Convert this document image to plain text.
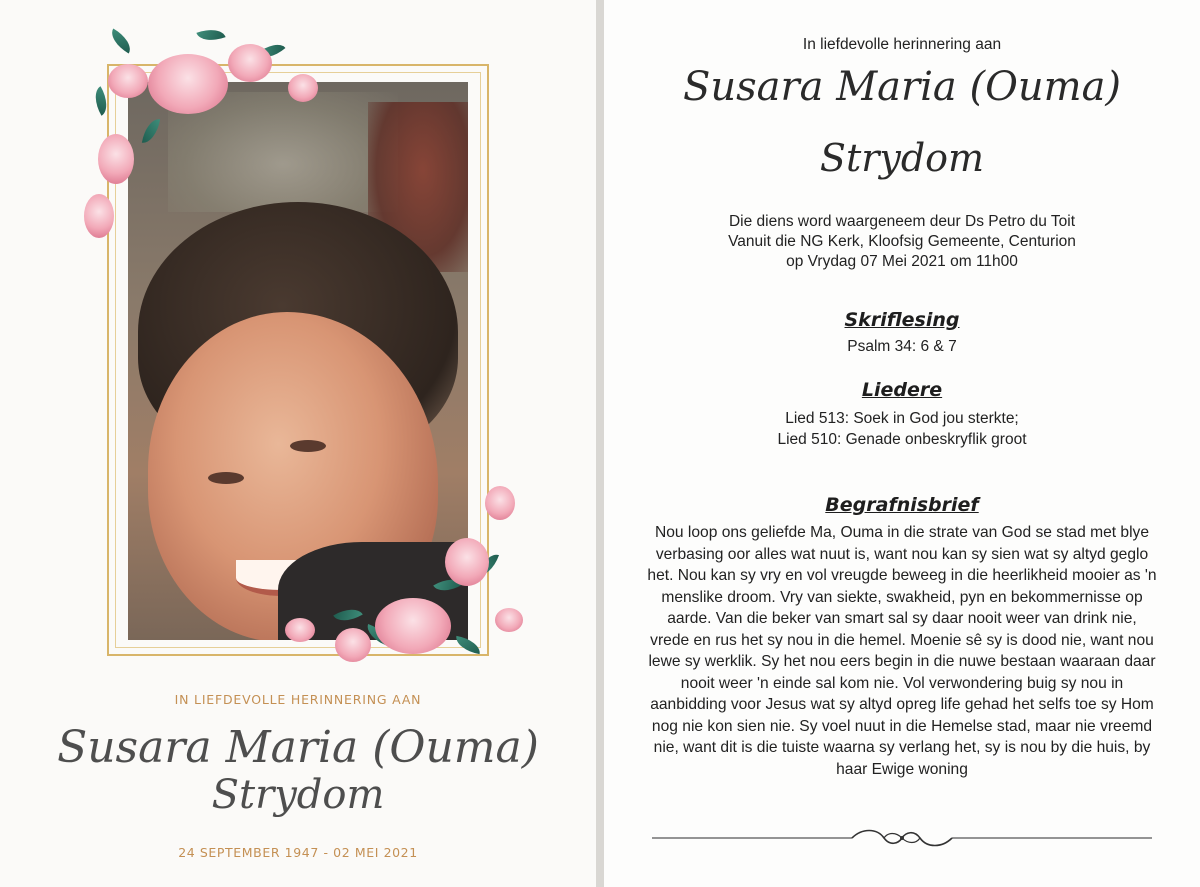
IN LIEFDEVOLLE HERINNERING AAN
Susara Maria (Ouma)
Strydom
24 SEPTEMBER 1947 - 02 MEI 2021
In liefdevolle herinnering aan
Susara Maria (Ouma)
Strydom
Die diens word waargeneem deur Ds Petro du Toit
Vanuit die NG Kerk, Kloofsig Gemeente, Centurion
op Vrydag 07 Mei 2021 om 11h00
Skriflesing
Psalm 34: 6 & 7
Liedere
Lied 513: Soek in God jou sterkte;
Lied 510: Genade onbeskryflik groot
Begrafnisbrief
Nou loop ons geliefde Ma, Ouma in die strate van God se stad met blye verbasing oor alles wat nuut is, want nou kan sy sien wat sy altyd geglo het. Nou kan sy vry en vol vreugde beweeg in die heerlikheid mooier as 'n menslike droom. Vry van siekte, swakheid, pyn en bekommernisse op aarde. Van die beker van smart sal sy daar nooit weer van drink nie, vrede en rus het sy nou in die hemel. Moenie sê sy is dood nie, want nou lewe sy werklik. Sy het nou eers begin in die nuwe bestaan waaraan daar nooit weer 'n einde sal kom nie. Vol verwondering buig sy nou in aanbidding voor Jesus wat sy altyd opreg life gehad het selfs toe sy Hom nog nie kon sien nie. Sy voel nuut in die Hemelse stad, maar nie vreemd nie, want dit is die tuiste waarna sy verlang het, sy is nou by die huis, by haar Ewige woning
